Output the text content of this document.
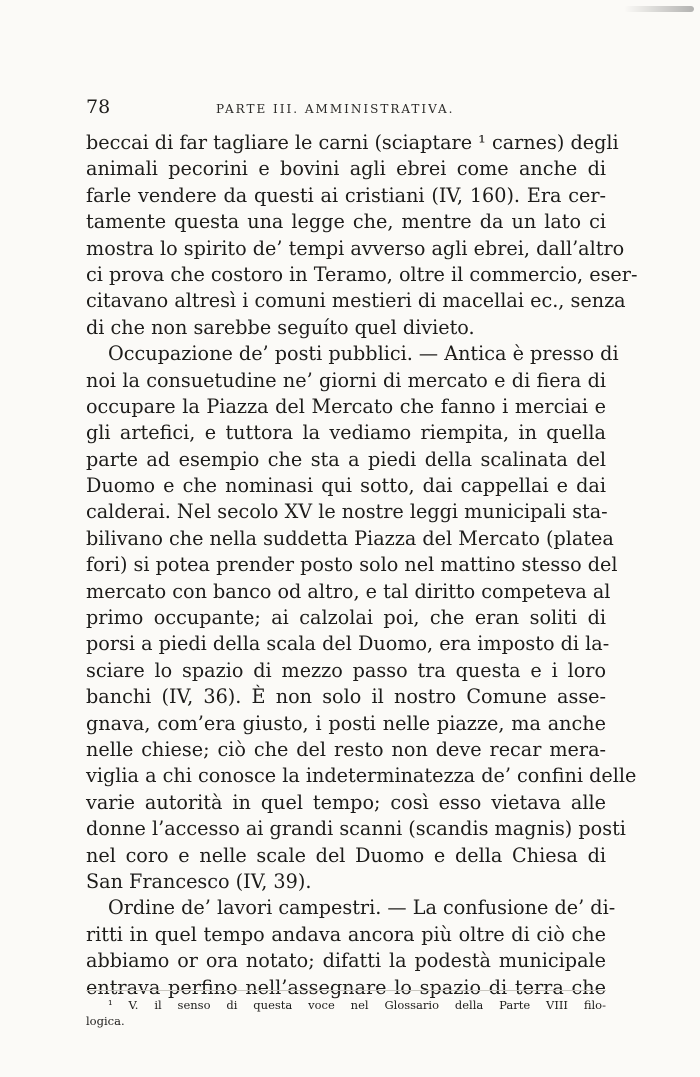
78	PARTE III. AMMINISTRATIVA.
beccai di far tagliare le carni (sciaptare ¹ carnes) degli
animali pecorini e bovini agli ebrei come anche di
farle vendere da questi ai cristiani (IV, 160). Era cer-
tamente questa una legge che, mentre da un lato ci
mostra lo spirito de’ tempi avverso agli ebrei, dall’altro
ci prova che costoro in Teramo, oltre il commercio, eser-
citavano altresì i comuni mestieri di macellai ec., senza
di che non sarebbe seguíto quel divieto.
Occupazione de’ posti pubblici. — Antica è presso di
noi la consuetudine ne’ giorni di mercato e di fiera di
occupare la Piazza del Mercato che fanno i merciai e
gli artefici, e tuttora la vediamo riempita, in quella
parte ad esempio che sta a piedi della scalinata del
Duomo e che nominasi qui sotto, dai cappellai e dai
calderai. Nel secolo XV le nostre leggi municipali sta-
bilivano che nella suddetta Piazza del Mercato (platea
fori) si potea prender posto solo nel mattino stesso del
mercato con banco od altro, e tal diritto competeva al
primo occupante; ai calzolai poi, che eran soliti di
porsi a piedi della scala del Duomo, era imposto di la-
sciare lo spazio di mezzo passo tra questa e i loro
banchi (IV, 36). È non solo il nostro Comune asse-
gnava, com’era giusto, i posti nelle piazze, ma anche
nelle chiese; ciò che del resto non deve recar mera-
viglia a chi conosce la indeterminatezza de’ confini delle
varie autorità in quel tempo; così esso vietava alle
donne l’accesso ai grandi scanni (scandis magnis) posti
nel coro e nelle scale del Duomo e della Chiesa di
San Francesco (IV, 39).
Ordine de’ lavori campestri. — La confusione de’ di-
ritti in quel tempo andava ancora più oltre di ciò che
abbiamo or ora notato; difatti la podestà municipale
entrava perfino nell’assegnare lo spazio di terra che
¹ V. il senso di questa voce nel Glossario della Parte VIII filo-
logica.
